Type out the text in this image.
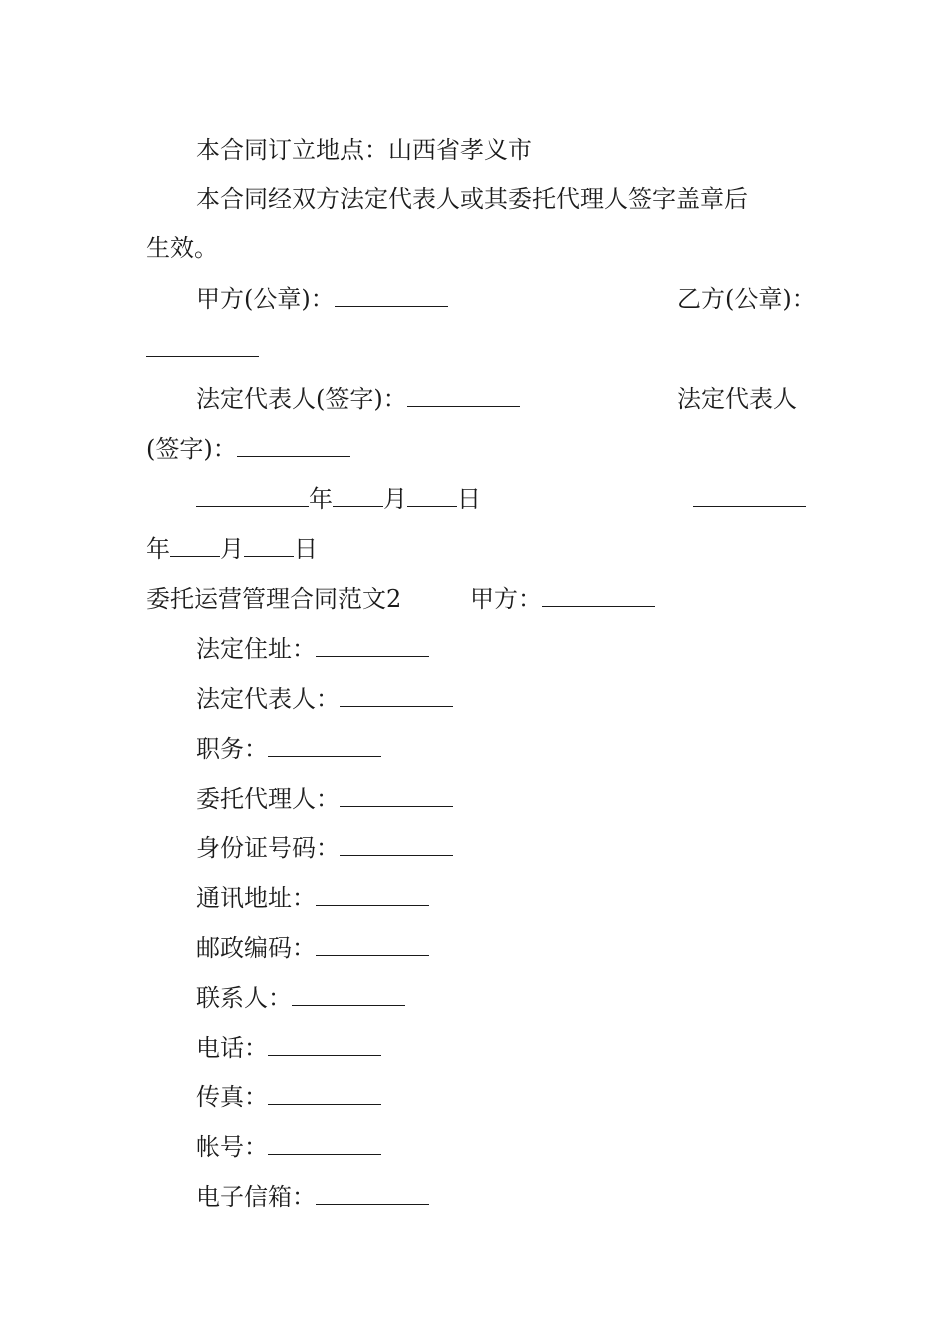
本合同订立地点：山西省孝义市
本合同经双方法定代表人或其委托代理人签字盖章后
生效。
甲方(公章)：	乙方(公章)：
法定代表人(签字)：	法定代表人
(签字)：
年 月 日
年 月 日
委托运营管理合同范文2	甲方：
法定住址：
法定代表人：
职务：
委托代理人：
身份证号码：
通讯地址：
邮政编码：
联系人：
电话：
传真：
帐号：
电子信箱：
